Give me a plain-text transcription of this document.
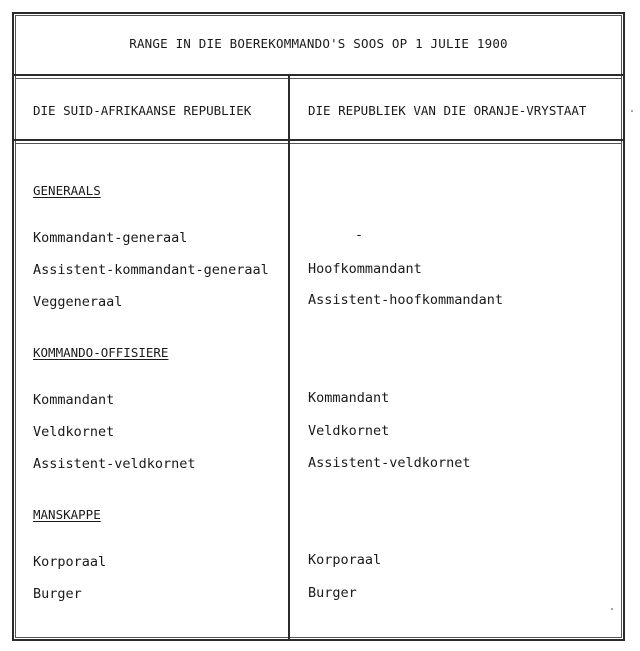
RANGE IN DIE BOEREKOMMANDO'S SOOS OP 1 JULIE 1900
DIE SUID-AFRIKAANSE REPUBLIEK	DIE REPUBLIEK VAN DIE ORANJE-VRYSTAAT
GENERAALS
Kommandant-generaal	-
Assistent-kommandant-generaal	Hoofkommandant
Veggeneraal	Assistent-hoofkommandant
KOMMANDO-OFFISIERE
Kommandant	Kommandant
Veldkornet	Veldkornet
Assistent-veldkornet	Assistent-veldkornet
MANSKAPPE
Korporaal	Korporaal
Burger	Burger
